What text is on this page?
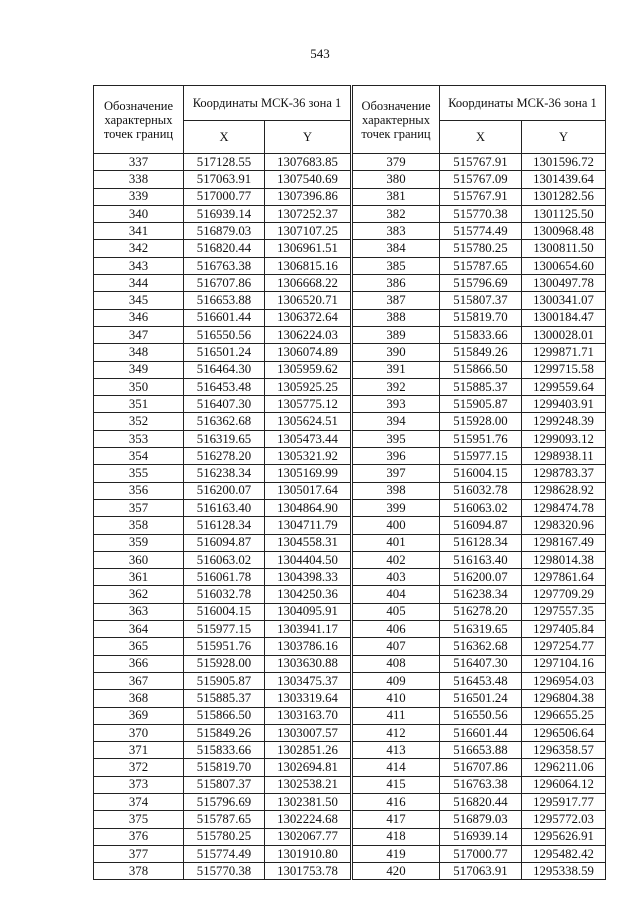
543
Обозначение характерных точек границ	Координаты МСК-36 зона 1	
	X	Y
337	517128.55	1307683.85
338	517063.91	1307540.69
339	517000.77	1307396.86
340	516939.14	1307252.37
341	516879.03	1307107.25
342	516820.44	1306961.51
343	516763.38	1306815.16
344	516707.86	1306668.22
345	516653.88	1306520.71
346	516601.44	1306372.64
347	516550.56	1306224.03
348	516501.24	1306074.89
349	516464.30	1305959.62
350	516453.48	1305925.25
351	516407.30	1305775.12
352	516362.68	1305624.51
353	516319.65	1305473.44
354	516278.20	1305321.92
355	516238.34	1305169.99
356	516200.07	1305017.64
357	516163.40	1304864.90
358	516128.34	1304711.79
359	516094.87	1304558.31
360	516063.02	1304404.50
361	516061.78	1304398.33
362	516032.78	1304250.36
363	516004.15	1304095.91
364	515977.15	1303941.17
365	515951.76	1303786.16
366	515928.00	1303630.88
367	515905.87	1303475.37
368	515885.37	1303319.64
369	515866.50	1303163.70
370	515849.26	1303007.57
371	515833.66	1302851.26
372	515819.70	1302694.81
373	515807.37	1302538.21
374	515796.69	1302381.50
375	515787.65	1302224.68
376	515780.25	1302067.77
377	515774.49	1301910.80
378	515770.38	1301753.78
Обозначение характерных точек границ	Координаты МСК-36 зона 1	
	X	Y
379	515767.91	1301596.72
380	515767.09	1301439.64
381	515767.91	1301282.56
382	515770.38	1301125.50
383	515774.49	1300968.48
384	515780.25	1300811.50
385	515787.65	1300654.60
386	515796.69	1300497.78
387	515807.37	1300341.07
388	515819.70	1300184.47
389	515833.66	1300028.01
390	515849.26	1299871.71
391	515866.50	1299715.58
392	515885.37	1299559.64
393	515905.87	1299403.91
394	515928.00	1299248.39
395	515951.76	1299093.12
396	515977.15	1298938.11
397	516004.15	1298783.37
398	516032.78	1298628.92
399	516063.02	1298474.78
400	516094.87	1298320.96
401	516128.34	1298167.49
402	516163.40	1298014.38
403	516200.07	1297861.64
404	516238.34	1297709.29
405	516278.20	1297557.35
406	516319.65	1297405.84
407	516362.68	1297254.77
408	516407.30	1297104.16
409	516453.48	1296954.03
410	516501.24	1296804.38
411	516550.56	1296655.25
412	516601.44	1296506.64
413	516653.88	1296358.57
414	516707.86	1296211.06
415	516763.38	1296064.12
416	516820.44	1295917.77
417	516879.03	1295772.03
418	516939.14	1295626.91
419	517000.77	1295482.42
420	517063.91	1295338.59
